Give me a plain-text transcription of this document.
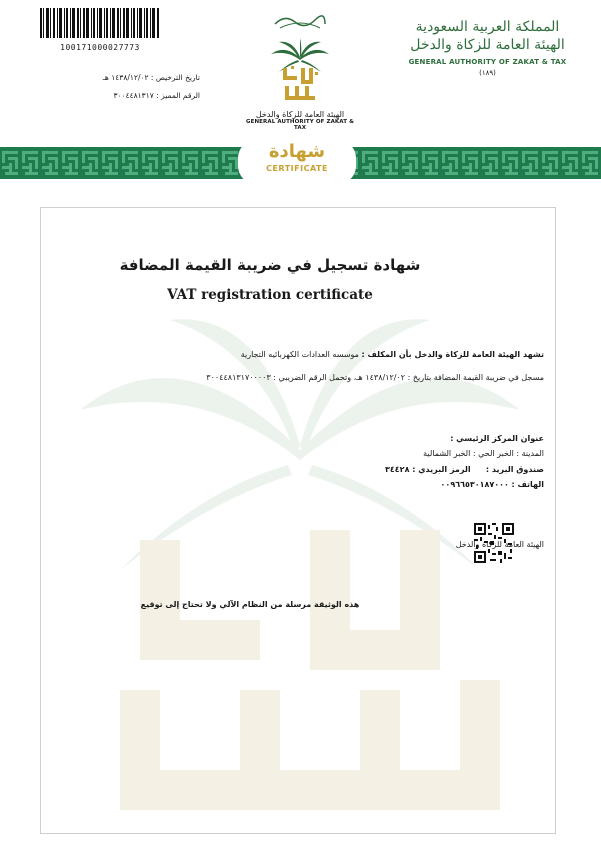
100171000027773
تاريخ الترخيص : ١٤٣٨/١٢/٠٢ هـ
الرقم المميز : ٣٠٠٤٤٨١٣١٧

الهيئة العامة للزكاة والدخل
GENERAL AUTHORITY OF ZAKAT & TAX
المملكة العربية السعودية
الهيئة العامة للزكاة والدخل
GENERAL AUTHORITY OF ZAKAT & TAX
(١٨٩)
شهادة
CERTIFICATE
شهادة تسجيل في ضريبة القيمة المضافة
VAT registration certificate
تشهد الهيئة العامة للزكاة والدخل بأن المكلف : موسسه العدادات الكهربائيه التجارية
مسجل في ضريبة القيمة المضافة بتاريخ : ١٤٣٨/١٢/٠٢ هـ، وتحمل الرقم الضريبي : ٣٠٠٤٤٨١٣١٧٠٠٠٠٣
عنوان المركز الرئيسي :
المدينة : الخبر الحي : الخبر الشمالية
صندوق البريد :      الرمز البريدي : ٣٤٤٢٨
الهاتف : ٠٠٩٦٦٥٣٠١٨٧٠٠٠
الهيئة العامة للزكاة والدخل
هذه الوثيقة مرسلة من النظام الآلي ولا تحتاج إلى توقيع
